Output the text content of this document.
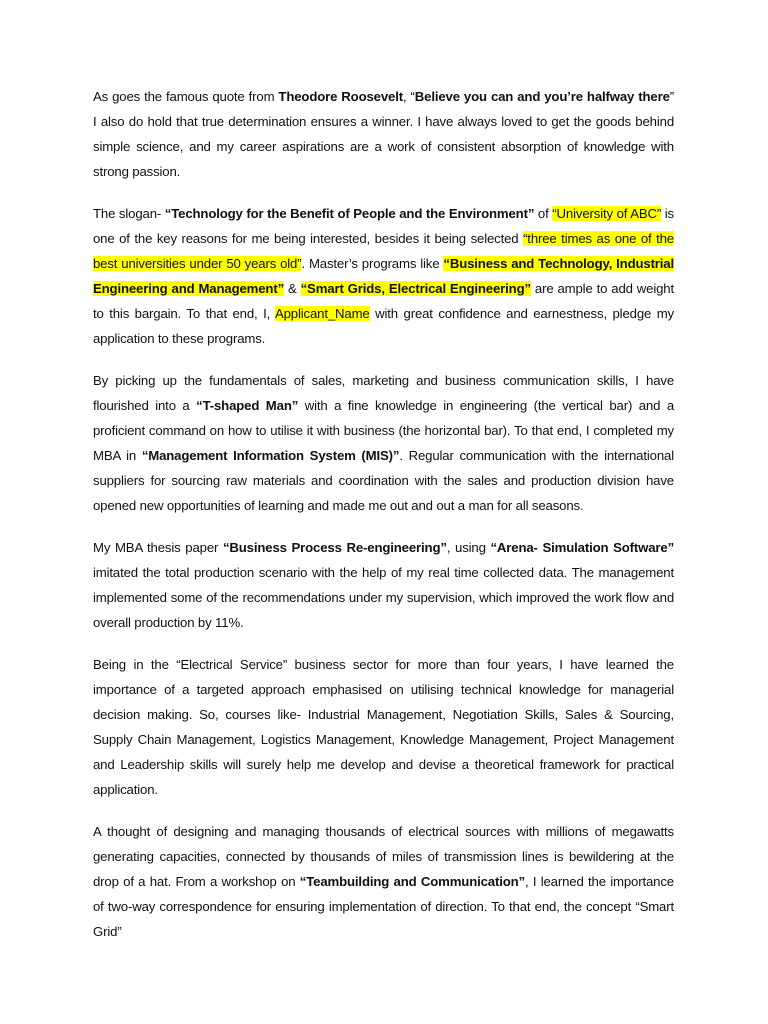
As goes the famous quote from Theodore Roosevelt, “Believe you can and you’re halfway there” I also do hold that true determination ensures a winner. I have always loved to get the goods behind simple science, and my career aspirations are a work of consistent absorption of knowledge with strong passion.

The slogan- “Technology for the Benefit of People and the Environment” of “University of ABC” is one of the key reasons for me being interested, besides it being selected “three times as one of the best universities under 50 years old”. Master’s programs like “Business and Technology, Industrial Engineering and Management” & “Smart Grids, Electrical Engineering” are ample to add weight to this bargain. To that end, I, Applicant_Name with great confidence and earnestness, pledge my application to these programs.

By picking up the fundamentals of sales, marketing and business communication skills, I have flourished into a “T-shaped Man” with a fine knowledge in engineering (the vertical bar) and a proficient command on how to utilise it with business (the horizontal bar). To that end, I completed my MBA in “Management Information System (MIS)”. Regular communication with the international suppliers for sourcing raw materials and coordination with the sales and production division have opened new opportunities of learning and made me out and out a man for all seasons.

My MBA thesis paper “Business Process Re-engineering”, using “Arena- Simulation Software” imitated the total production scenario with the help of my real time collected data. The management implemented some of the recommendations under my supervision, which improved the work flow and overall production by 11%.

Being in the “Electrical Service” business sector for more than four years, I have learned the importance of a targeted approach emphasised on utilising technical knowledge for managerial decision making. So, courses like- Industrial Management, Negotiation Skills, Sales & Sourcing, Supply Chain Management, Logistics Management, Knowledge Management, Project Management and Leadership skills will surely help me develop and devise a theoretical framework for practical application.

A thought of designing and managing thousands of electrical sources with millions of megawatts generating capacities, connected by thousands of miles of transmission lines is bewildering at the drop of a hat. From a workshop on “Teambuilding and Communication”, I learned the importance of two-way correspondence for ensuring implementation of direction. To that end, the concept “Smart Grid”
